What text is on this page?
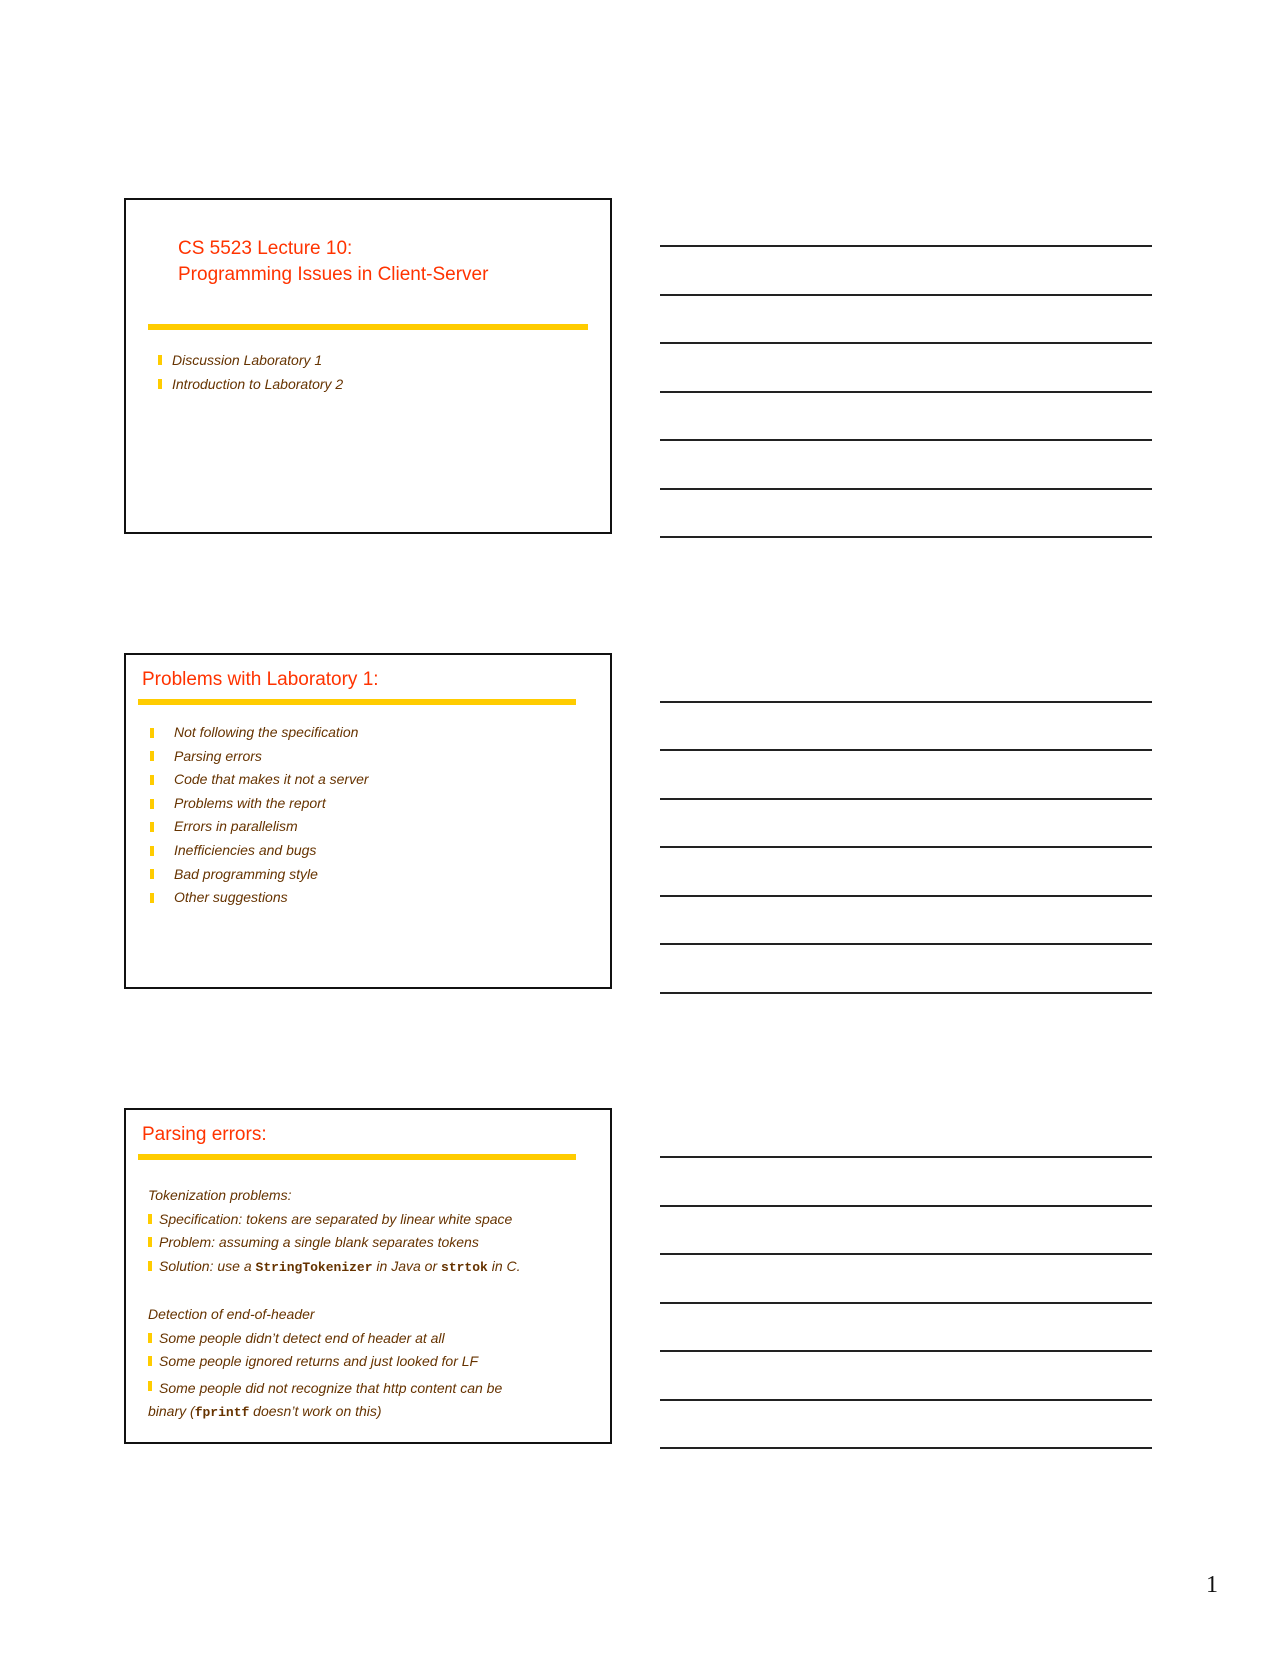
CS 5523 Lecture 10:
Programming Issues in Client-Server
Discussion Laboratory 1
Introduction to Laboratory 2
Problems with Laboratory 1:
Not following the specification
Parsing errors
Code that makes it not a server
Problems with the report
Errors in parallelism
Inefficiencies and bugs
Bad programming style
Other suggestions
Parsing errors:
Tokenization problems:
Specification: tokens are separated by linear white space
Problem: assuming a single blank separates tokens
Solution: use a StringTokenizer in Java or strtok in C.
Detection of end-of-header
Some people didn’t detect end of header at all
Some people ignored returns and just looked for LF
Some people did not recognize that http content can be
binary (fprintf doesn’t work on this)
1
